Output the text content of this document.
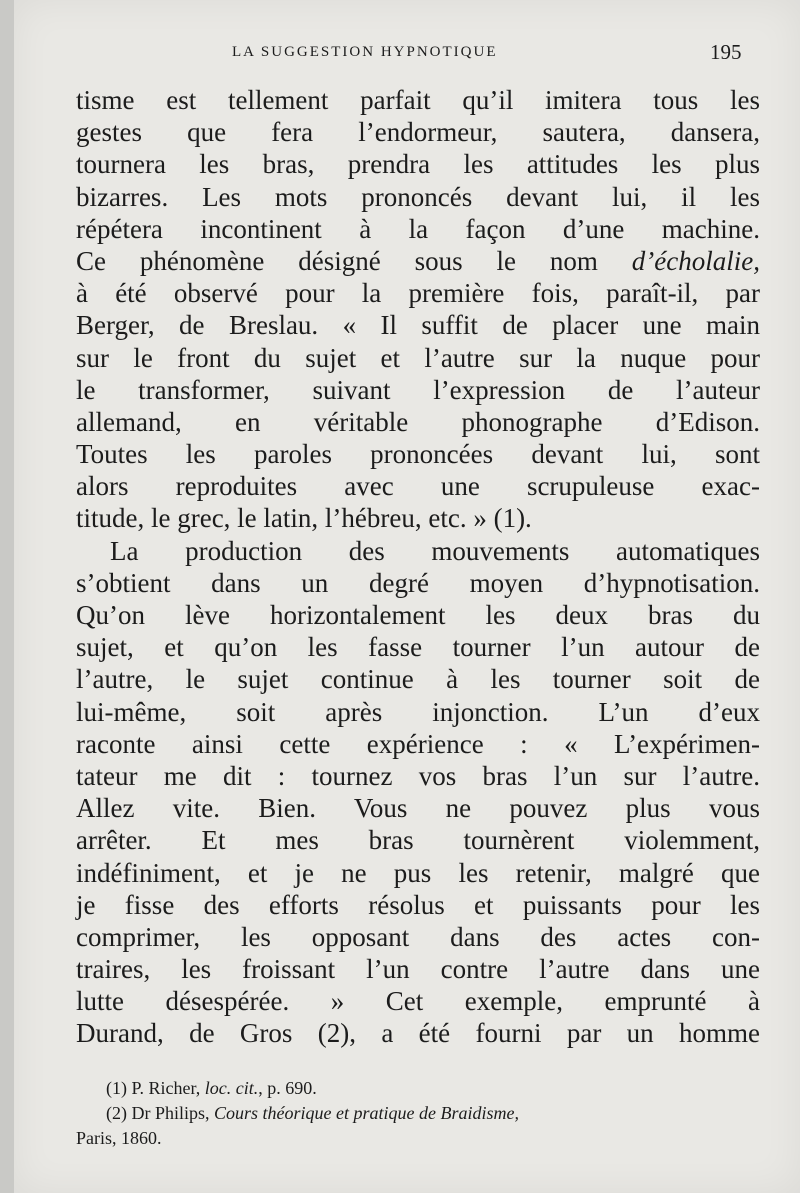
LA SUGGESTION HYPNOTIQUE	195
tisme est tellement parfait qu’il imitera tous les
gestes que fera l’endormeur, sautera, dansera,
tournera les bras, prendra les attitudes les plus
bizarres. Les mots prononcés devant lui, il les
répétera incontinent à la façon d’une machine.
Ce phénomène désigné sous le nom d’écholalie,
à été observé pour la première fois, paraît-il, par
Berger, de Breslau. « Il suffit de placer une main
sur le front du sujet et l’autre sur la nuque pour
le transformer, suivant l’expression de l’auteur
allemand, en véritable phonographe d’Edison.
Toutes les paroles prononcées devant lui, sont
alors reproduites avec une scrupuleuse exac-
titude, le grec, le latin, l’hébreu, etc. » (1).
La production des mouvements automatiques
s’obtient dans un degré moyen d’hypnotisation.
Qu’on lève horizontalement les deux bras du
sujet, et qu’on les fasse tourner l’un autour de
l’autre, le sujet continue à les tourner soit de
lui-même, soit après injonction. L’un d’eux
raconte ainsi cette expérience : « L’expérimen-
tateur me dit : tournez vos bras l’un sur l’autre.
Allez vite. Bien. Vous ne pouvez plus vous
arrêter. Et mes bras tournèrent violemment,
indéfiniment, et je ne pus les retenir, malgré que
je fisse des efforts résolus et puissants pour les
comprimer, les opposant dans des actes con-
traires, les froissant l’un contre l’autre dans une
lutte désespérée. » Cet exemple, emprunté à
Durand, de Gros (2), a été fourni par un homme
(1) P. Richer, loc. cit., p. 690.
(2) Dr Philips, Cours théorique et pratique de Braidisme,
Paris, 1860.
